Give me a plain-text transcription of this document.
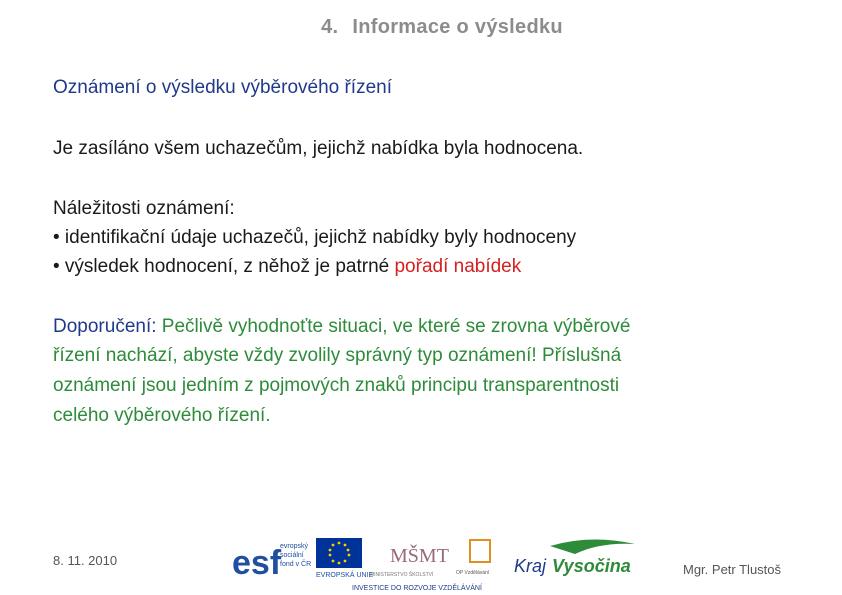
4. Informace o výsledku
Oznámení o výsledku výběrového řízení
Je zasíláno všem uchazečům, jejichž nabídka byla hodnocena.
Náležitosti oznámení:
• identifikační údaje uchazečů, jejichž nabídky byly hodnoceny
• výsledek hodnocení, z něhož je patrné pořadí nabídek
Doporučení: Pečlivě vyhodnoťte situaci, ve které se zrovna výběrové
řízení nachází, abyste vždy zvolily správný typ oznámení! Příslušná
oznámení jsou jedním z pojmových znaků principu transparentnosti
celého výběrového řízení.
8. 11. 2010
Mgr. Petr Tlustoš
esf
evropský
sociální
fond v ČR
EVROPSKÁ UNIE
MŠMT
MINISTERSTVO ŠKOLSTVÍ	OP Vzdělávání Kraj Vysočina
INVESTICE DO ROZVOJE VZDĚLÁVÁNÍ
